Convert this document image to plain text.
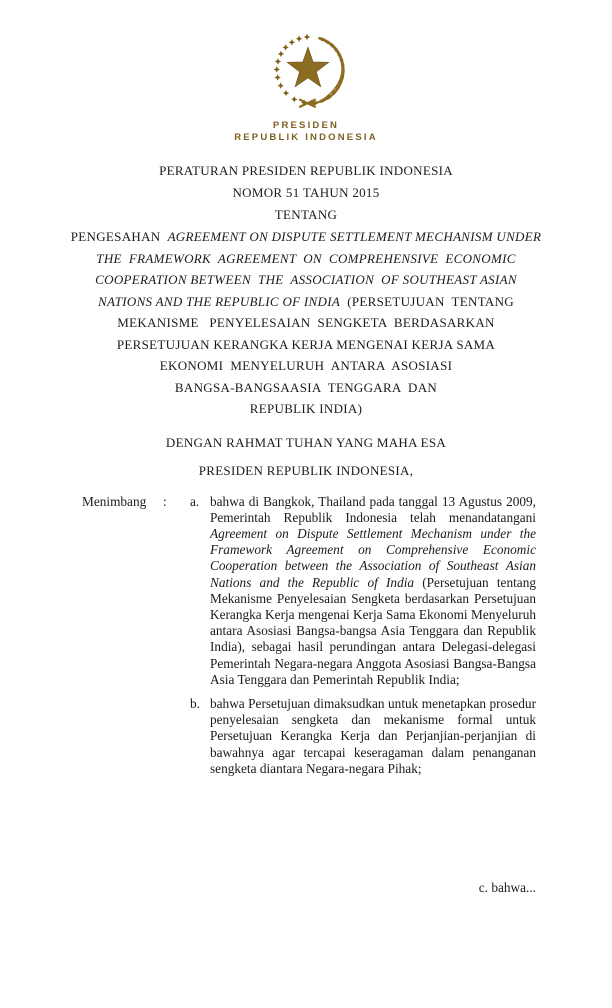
PRESIDEN
REPUBLIK INDONESIA
PERATURAN PRESIDEN REPUBLIK INDONESIA
NOMOR 51 TAHUN 2015
TENTANG
PENGESAHAN  AGREEMENT ON DISPUTE SETTLEMENT MECHANISM UNDER
THE  FRAMEWORK  AGREEMENT  ON  COMPREHENSIVE  ECONOMIC
COOPERATION BETWEEN  THE  ASSOCIATION  OF SOUTHEAST ASIAN
NATIONS AND THE REPUBLIC OF INDIA  (PERSETUJUAN  TENTANG
MEKANISME   PENYELESAIAN  SENGKETA  BERDASARKAN
PERSETUJUAN KERANGKA KERJA MENGENAI KERJA SAMA
EKONOMI  MENYELURUH  ANTARA  ASOSIASI
BANGSA-BANGSAASIA  TENGGARA  DAN
REPUBLIK INDIA)
DENGAN RAHMAT TUHAN YANG MAHA ESA
PRESIDEN REPUBLIK INDONESIA,
Menimbang	:	a. bahwa di Bangkok, Thailand pada tanggal 13 Agustus 2009, Pemerintah Republik Indonesia telah menandatangani Agreement on Dispute Settlement Mechanism under the Framework Agreement on Comprehensive Economic Cooperation between the Association of Southeast Asian Nations and the Republic of India (Persetujuan tentang Mekanisme Penyelesaian Sengketa berdasarkan Persetujuan Kerangka Kerja mengenai Kerja Sama Ekonomi Menyeluruh antara Asosiasi Bangsa-bangsa Asia Tenggara dan Republik India), sebagai hasil perundingan antara Delegasi-delegasi Pemerintah Negara-negara Anggota Asosiasi Bangsa-Bangsa Asia Tenggara dan Pemerintah Republik India;
b. bahwa Persetujuan dimaksudkan untuk menetapkan prosedur penyelesaian sengketa dan mekanisme formal untuk Persetujuan Kerangka Kerja dan Perjanjian-perjanjian di bawahnya agar tercapai keseragaman dalam penanganan sengketa diantara Negara-negara Pihak;
c. bahwa...
